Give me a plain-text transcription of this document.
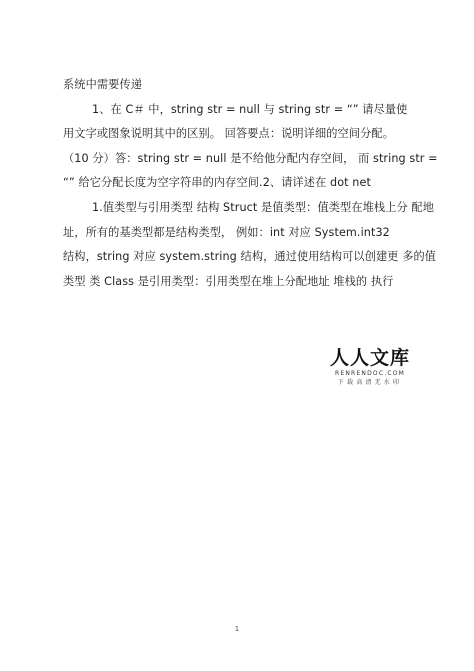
系统中需要传递
1、在 C＃ 中，string str = null 与 string str = “” 请尽量使
用文字或图象说明其中的区别。 回答要点：说明详细的空间分配。
（10 分）答：string str = null 是不给他分配内存空间， 而 string str =
“” 给它分配长度为空字符串的内存空间.2、请详述在 dot net
1.值类型与引用类型 结构 Struct 是值类型：值类型在堆栈上分 配地
址，所有的基类型都是结构类型， 例如：int 对应 System.int32
结构，string 对应 system.string 结构，通过使用结构可以创建更 多的值
类型 类 Class 是引用类型：引用类型在堆上分配地址 堆栈的 执行
人人文库
RENRENDOC.COM
下载高清无水印
1
